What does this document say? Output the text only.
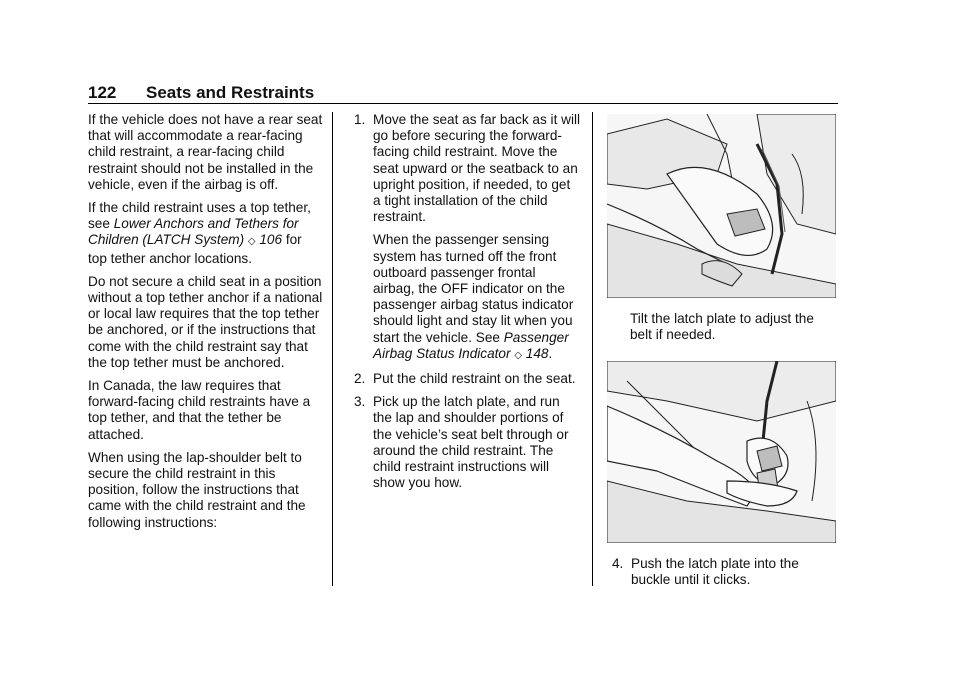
122 Seats and Restraints

If the vehicle does not have a rear seat that will accommodate a rear-facing child restraint, a rear-facing child restraint should not be installed in the vehicle, even if the airbag is off.

If the child restraint uses a top tether, see Lower Anchors and Tethers for Children (LATCH System) ◇ 106 for top tether anchor locations.

Do not secure a child seat in a position without a top tether anchor if a national or local law requires that the top tether be anchored, or if the instructions that come with the child restraint say that the top tether must be anchored.

In Canada, the law requires that forward-facing child restraints have a top tether, and that the tether be attached.

When using the lap-shoulder belt to secure the child restraint in this position, follow the instructions that came with the child restraint and the following instructions:

1. Move the seat as far back as it will go before securing the forward-facing child restraint. Move the seat upward or the seatback to an upright position, if needed, to get a tight installation of the child restraint.
When the passenger sensing system has turned off the front outboard passenger frontal airbag, the OFF indicator on the passenger airbag status indicator should light and stay lit when you start the vehicle. See Passenger Airbag Status Indicator ◇ 148.
2. Put the child restraint on the seat.
3. Pick up the latch plate, and run the lap and shoulder portions of the vehicle’s seat belt through or around the child restraint. The child restraint instructions will show you how.
Tilt the latch plate to adjust the belt if needed.
4. Push the latch plate into the buckle until it clicks.
